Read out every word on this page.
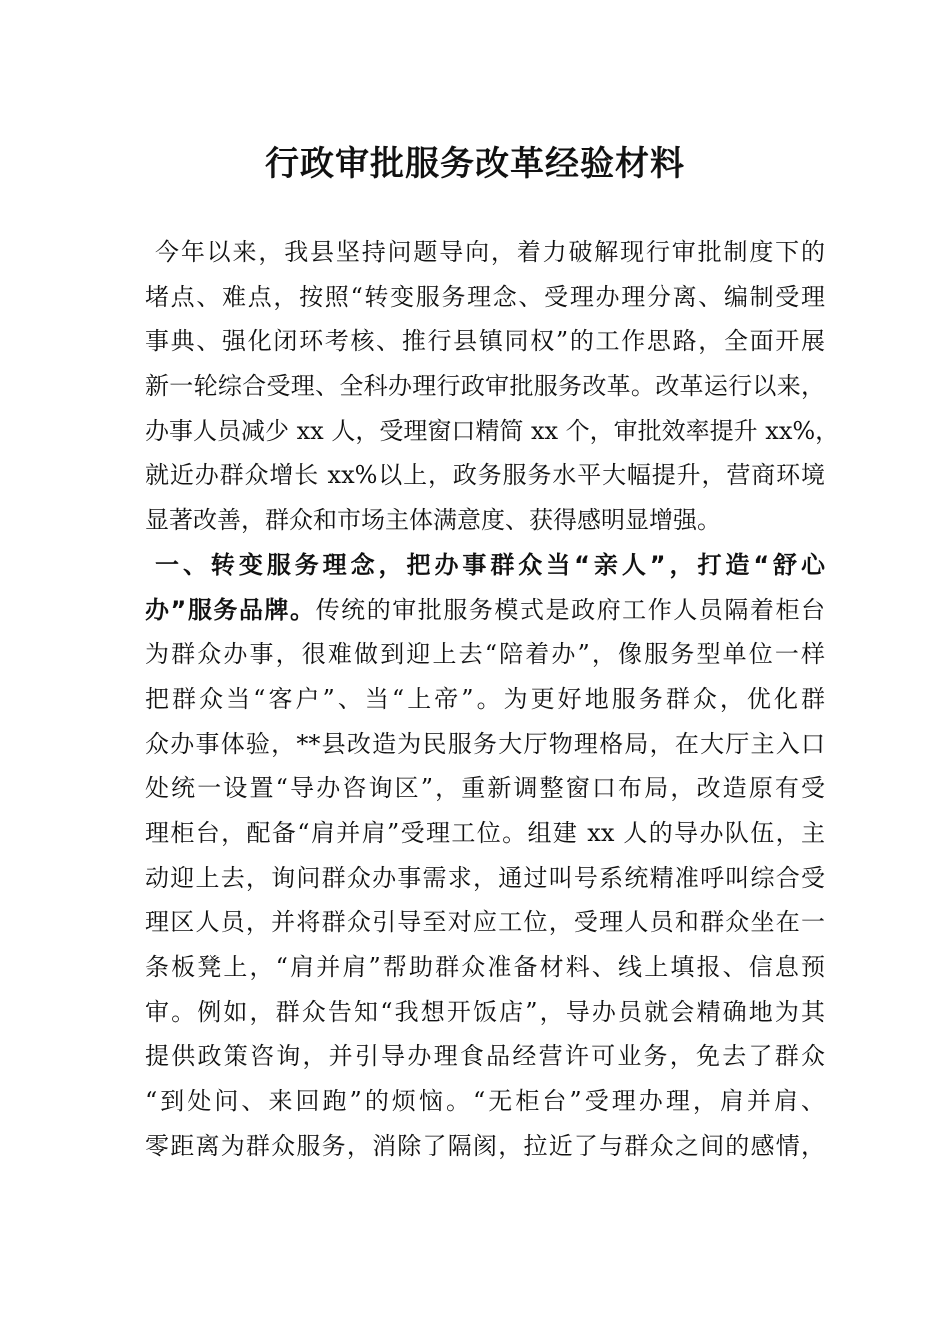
行政审批服务改革经验材料
今年以来，我县坚持问题导向，着力破解现行审批制度下的
堵点、难点，按照“转变服务理念、受理办理分离、编制受理
事典、强化闭环考核、推行县镇同权”的工作思路，全面开展
新一轮综合受理、全科办理行政审批服务改革。改革运行以来，
办事人员减少 xx 人，受理窗口精简 xx 个，审批效率提升 xx%，
就近办群众增长 xx%以上，政务服务水平大幅提升，营商环境
显著改善，群众和市场主体满意度、获得感明显增强。
一、转变服务理念，把办事群众当“亲人”，打造“舒心
办”服务品牌。传统的审批服务模式是政府工作人员隔着柜台
为群众办事，很难做到迎上去“陪着办”，像服务型单位一样
把群众当“客户”、当“上帝”。为更好地服务群众，优化群
众办事体验，**县改造为民服务大厅物理格局，在大厅主入口
处统一设置“导办咨询区”，重新调整窗口布局，改造原有受
理柜台，配备“肩并肩”受理工位。组建 xx 人的导办队伍，主
动迎上去，询问群众办事需求，通过叫号系统精准呼叫综合受
理区人员，并将群众引导至对应工位，受理人员和群众坐在一
条板凳上，“肩并肩”帮助群众准备材料、线上填报、信息预
审。例如，群众告知“我想开饭店”，导办员就会精确地为其
提供政策咨询，并引导办理食品经营许可业务，免去了群众
“到处问、来回跑”的烦恼。“无柜台”受理办理，肩并肩、
零距离为群众服务，消除了隔阂，拉近了与群众之间的感情，
